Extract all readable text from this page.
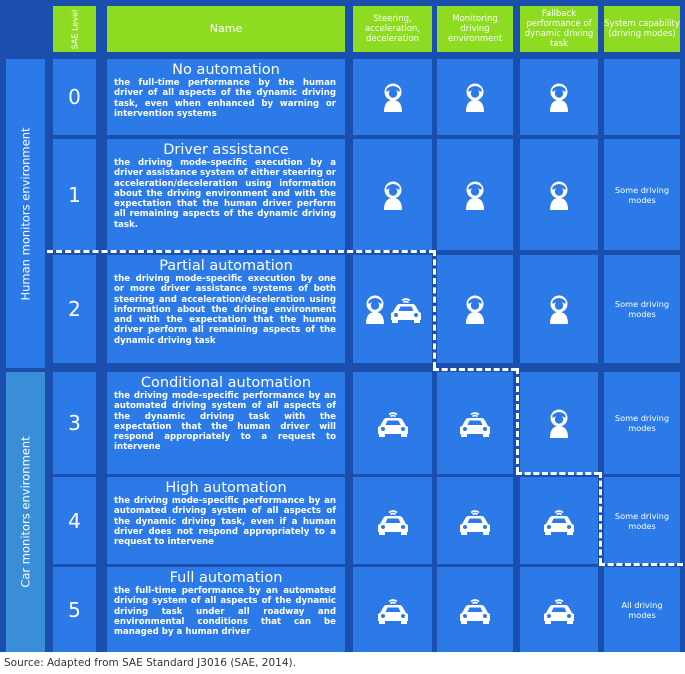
SAE Level	Name
Steering, acceleration, deceleration
Monitoring driving environment
Fallback performance of dynamic driving task
System capability (driving modes)
Human monitors environment
Car monitors environment
0
No automation
the full-time performance by the human driver of all aspects of the dynamic driving task, even when enhanced by warning or intervention systems
1
Driver assistance
the driving mode-specific execution by a driver assistance system of either steering or acceleration/deceleration using information about the driving environment and with the expectation that the human driver perform all remaining aspects of the dynamic driving task.
Some driving modes
2
Partial automation
the driving mode-specific execution by one or more driver assistance systems of both steering and acceleration/deceleration using information about the driving environment and with the expectation that the human driver perform all remaining aspects of the dynamic driving task
Some driving modes
3
Conditional automation
the driving mode-specific performance by an automated driving system of all aspects of the dynamic driving task with the expectation that the human driver will respond appropriately to a request to intervene
Some driving modes
4
High automation
the driving mode-specific performance by an automated driving system of all aspects of the dynamic driving task, even if a human driver does not respond appropriately to a request to intervene
Some driving modes
5
Full automation
the full-time performance by an automated driving system of all aspects of the dynamic driving task under all roadway and environmental conditions that can be managed by a human driver
All driving modes
Source: Adapted from SAE Standard J3016 (SAE, 2014).
